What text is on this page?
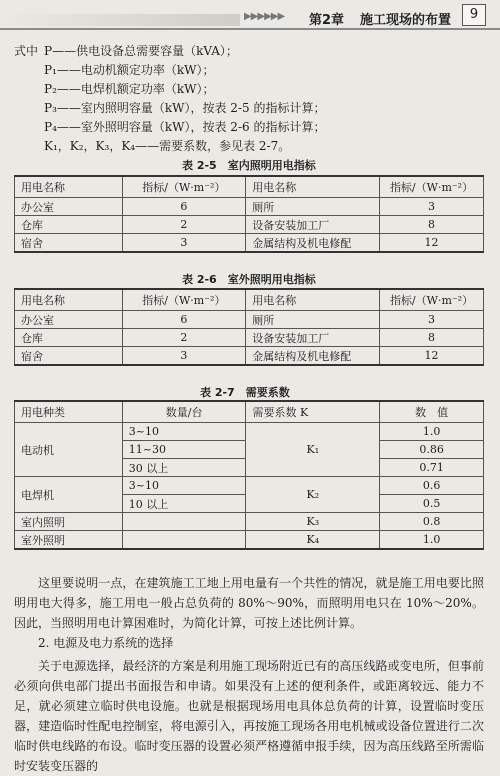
▶▶▶▶▶▶ 第2章 施工现场的布置	9
式中 P——供电设备总需要容量（kVA）；
P₁——电动机额定功率（kW）；
P₂——电焊机额定功率（kW）；
P₃——室内照明容量（kW），按表 2-5 的指标计算；
P₄——室外照明容量（kW），按表 2-6 的指标计算；
K₁，K₂，K₃，K₄——需要系数，参见表 2-7。
表 2-5　室内照明用电指标
用电名称	指标/（W·m⁻²）	用电名称	指标/（W·m⁻²）
办公室	6	厕所	3
仓库	2	设备安装加工厂	8
宿舍	3	金属结构及机电修配	12
表 2-6　室外照明用电指标
用电名称	指标/（W·m⁻²）	用电名称	指标/（W·m⁻²）
办公室	6	厕所	3
仓库	2	设备安装加工厂	8
宿舍	3	金属结构及机电修配	12
表 2-7　需要系数
用电种类	数量/台	需要系数 K	数　值
电动机	3~10	K₁	1.0
	11~30		0.86
	30 以上		0.71
电焊机	3~10	K₂	0.6
	10 以上		0.5
室内照明		K₃	0.8
室外照明		K₄	1.0

这里要说明一点，在建筑施工工地上用电量有一个共性的情况，就是施工用电要比照明用电大得多，施工用电一般占总负荷的 80%～90%，而照明用电只在 10%～20%。因此，当照明用电计算困难时，为简化计算，可按上述比例计算。

2. 电源及电力系统的选择

关于电源选择，最经济的方案是利用施工现场附近已有的高压线路或变电所，但事前必须向供电部门提出书面报告和申请。如果没有上述的便利条件，或距离较远、能力不足，就必须建立临时供电设施。也就是根据现场用电具体总负荷的计算，设置临时变压器，建造临时性配电控制室，将电源引入，再按施工现场各用电机械或设备位置进行二次临时供电线路的布设。临时变压器的设置必须严格遵循申报手续，因为高压线路至所需临时安装变压器的
